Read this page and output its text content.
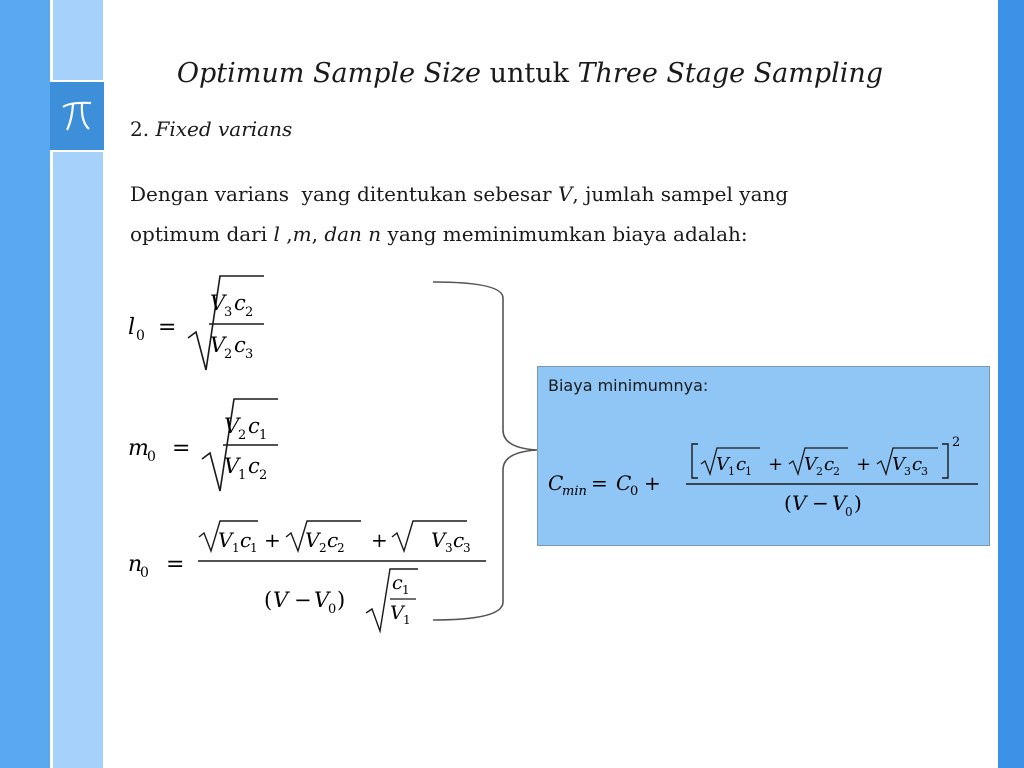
Optimum Sample Size untuk Three Stage Sampling
2. Fixed varians
Dengan varians  yang ditentukan sebesar V, jumlah sampel yang
optimum dari l ,m, dan n yang meminimumkan biaya adalah:
l 0 =
V
3 c 2
V
2 c 3
m
0 =
V
2 c 1
V
1 c 2
n
0 =
V 1 c
1 + V 2 c
2 + V 3 c
3
( V − V
0 )
c 1
V 1
Biaya minimumnya:
C
min = C
0 +
V 1 c
1 + V 2 c
2 + V 3 c
3
2
( V − V
0 )
